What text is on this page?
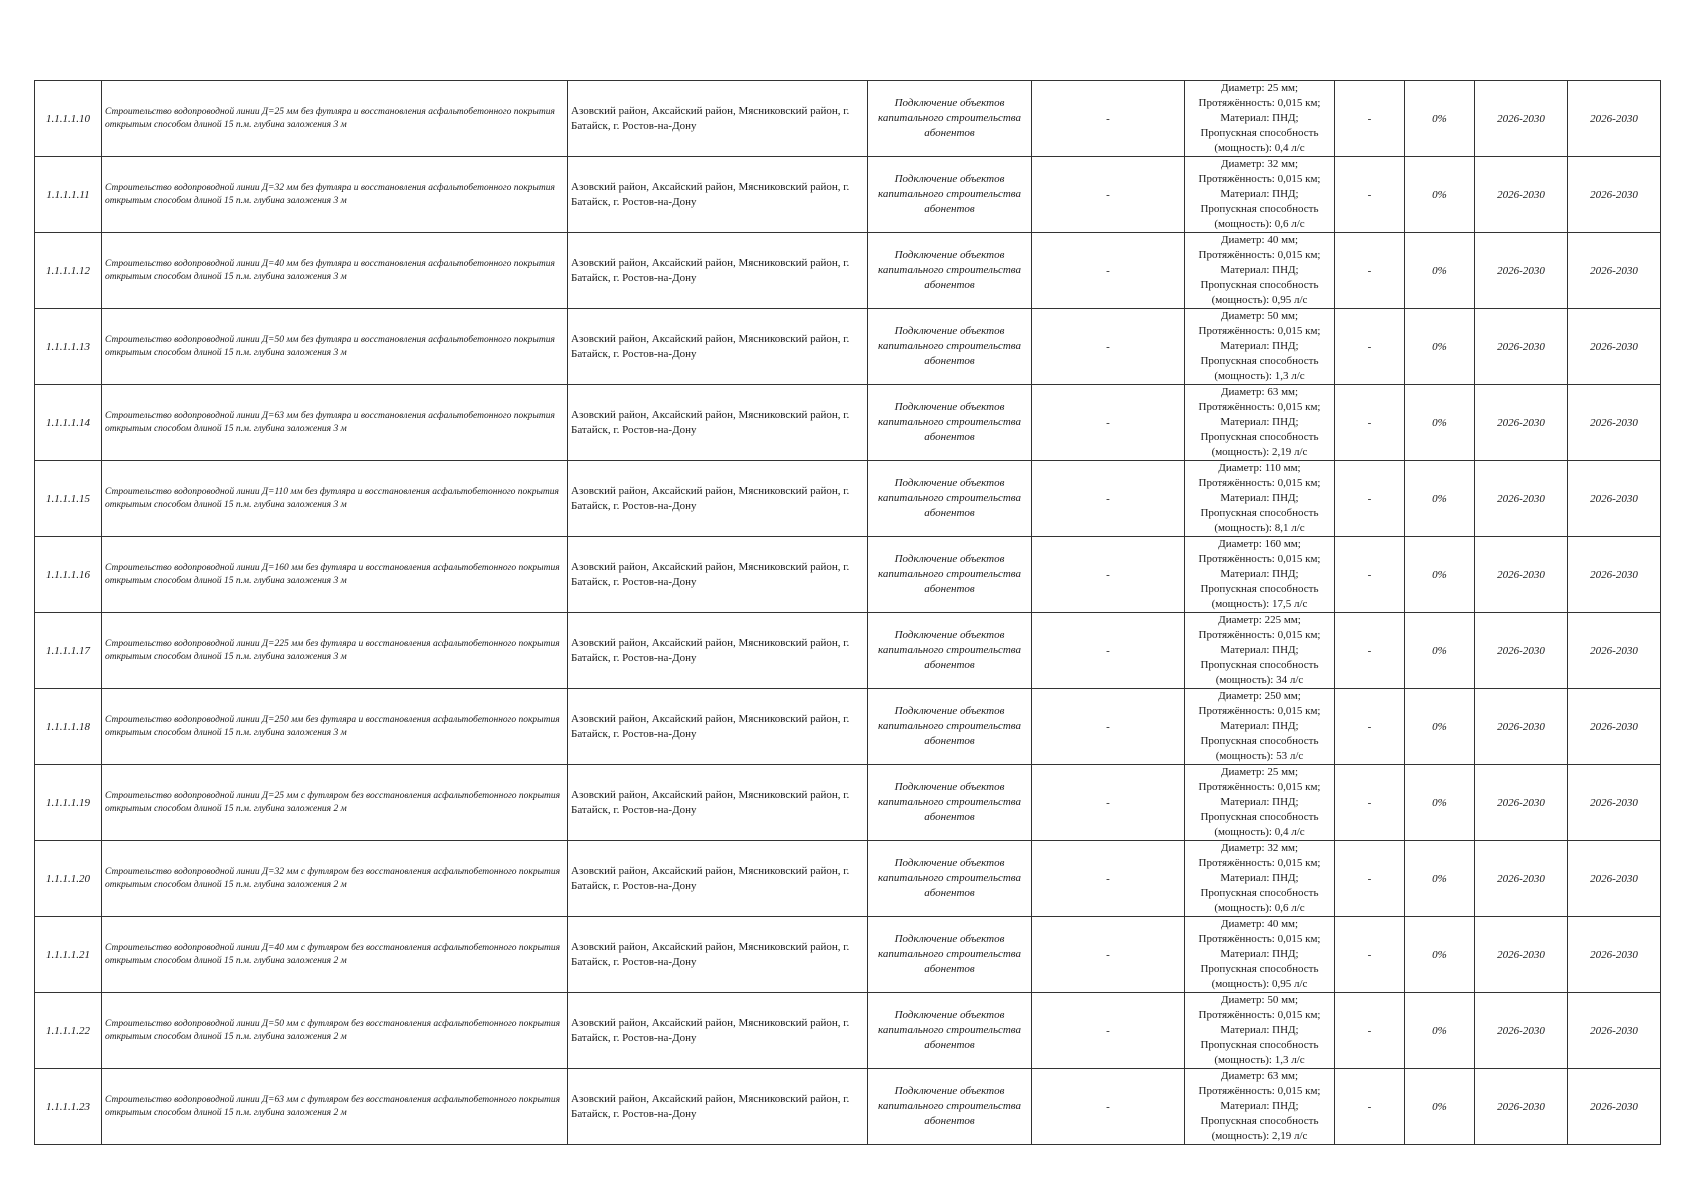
1.1.1.1.10	Строительство водопроводной линии Д=25 мм без футляра и восстановления асфальтобетонного покрытия открытым способом длиной 15 п.м. глубина заложения 3 м	Азовский район, Аксайский район, Мясниковский район, г. Батайск, г. Ростов-на-Дону	Подключение объектов
капитального строительства
абонентов	-	Диаметр: 25 мм;
Протяжённость: 0,015 км;
Материал: ПНД;
Пропускная способность
(мощность): 0,4 л/с	-	0%	2026-2030	2026-2030
1.1.1.1.11	Строительство водопроводной линии Д=32 мм без футляра и восстановления асфальтобетонного покрытия открытым способом длиной 15 п.м. глубина заложения 3 м	Азовский район, Аксайский район, Мясниковский район, г. Батайск, г. Ростов-на-Дону	Подключение объектов
капитального строительства
абонентов	-	Диаметр: 32 мм;
Протяжённость: 0,015 км;
Материал: ПНД;
Пропускная способность
(мощность): 0,6 л/с	-	0%	2026-2030	2026-2030
1.1.1.1.12	Строительство водопроводной линии Д=40 мм без футляра и восстановления асфальтобетонного покрытия открытым способом длиной 15 п.м. глубина заложения 3 м	Азовский район, Аксайский район, Мясниковский район, г. Батайск, г. Ростов-на-Дону	Подключение объектов
капитального строительства
абонентов	-	Диаметр: 40 мм;
Протяжённость: 0,015 км;
Материал: ПНД;
Пропускная способность
(мощность): 0,95 л/с	-	0%	2026-2030	2026-2030
1.1.1.1.13	Строительство водопроводной линии Д=50 мм без футляра и восстановления асфальтобетонного покрытия открытым способом длиной 15 п.м. глубина заложения 3 м	Азовский район, Аксайский район, Мясниковский район, г. Батайск, г. Ростов-на-Дону	Подключение объектов
капитального строительства
абонентов	-	Диаметр: 50 мм;
Протяжённость: 0,015 км;
Материал: ПНД;
Пропускная способность
(мощность): 1,3 л/с	-	0%	2026-2030	2026-2030
1.1.1.1.14	Строительство водопроводной линии Д=63 мм без футляра и восстановления асфальтобетонного покрытия открытым способом длиной 15 п.м. глубина заложения 3 м	Азовский район, Аксайский район, Мясниковский район, г. Батайск, г. Ростов-на-Дону	Подключение объектов
капитального строительства
абонентов	-	Диаметр: 63 мм;
Протяжённость: 0,015 км;
Материал: ПНД;
Пропускная способность
(мощность): 2,19 л/с	-	0%	2026-2030	2026-2030
1.1.1.1.15	Строительство водопроводной линии Д=110 мм без футляра и восстановления асфальтобетонного покрытия открытым способом длиной 15 п.м. глубина заложения 3 м	Азовский район, Аксайский район, Мясниковский район, г. Батайск, г. Ростов-на-Дону	Подключение объектов
капитального строительства
абонентов	-	Диаметр: 110 мм;
Протяжённость: 0,015 км;
Материал: ПНД;
Пропускная способность
(мощность): 8,1 л/с	-	0%	2026-2030	2026-2030
1.1.1.1.16	Строительство водопроводной линии Д=160 мм без футляра и восстановления асфальтобетонного покрытия открытым способом длиной 15 п.м. глубина заложения 3 м	Азовский район, Аксайский район, Мясниковский район, г. Батайск, г. Ростов-на-Дону	Подключение объектов
капитального строительства
абонентов	-	Диаметр: 160 мм;
Протяжённость: 0,015 км;
Материал: ПНД;
Пропускная способность
(мощность): 17,5 л/с	-	0%	2026-2030	2026-2030
1.1.1.1.17	Строительство водопроводной линии Д=225 мм без футляра и восстановления асфальтобетонного покрытия открытым способом длиной 15 п.м. глубина заложения 3 м	Азовский район, Аксайский район, Мясниковский район, г. Батайск, г. Ростов-на-Дону	Подключение объектов
капитального строительства
абонентов	-	Диаметр: 225 мм;
Протяжённость: 0,015 км;
Материал: ПНД;
Пропускная способность
(мощность): 34 л/с	-	0%	2026-2030	2026-2030
1.1.1.1.18	Строительство водопроводной линии Д=250 мм без футляра и восстановления асфальтобетонного покрытия открытым способом длиной 15 п.м. глубина заложения 3 м	Азовский район, Аксайский район, Мясниковский район, г. Батайск, г. Ростов-на-Дону	Подключение объектов
капитального строительства
абонентов	-	Диаметр: 250 мм;
Протяжённость: 0,015 км;
Материал: ПНД;
Пропускная способность
(мощность): 53 л/с	-	0%	2026-2030	2026-2030
1.1.1.1.19	Строительство водопроводной линии Д=25 мм с футляром без восстановления асфальтобетонного покрытия открытым способом длиной 15 п.м. глубина заложения 2 м	Азовский район, Аксайский район, Мясниковский район, г. Батайск, г. Ростов-на-Дону	Подключение объектов
капитального строительства
абонентов	-	Диаметр: 25 мм;
Протяжённость: 0,015 км;
Материал: ПНД;
Пропускная способность
(мощность): 0,4 л/с	-	0%	2026-2030	2026-2030
1.1.1.1.20	Строительство водопроводной линии Д=32 мм с футляром без восстановления асфальтобетонного покрытия открытым способом длиной 15 п.м. глубина заложения 2 м	Азовский район, Аксайский район, Мясниковский район, г. Батайск, г. Ростов-на-Дону	Подключение объектов
капитального строительства
абонентов	-	Диаметр: 32 мм;
Протяжённость: 0,015 км;
Материал: ПНД;
Пропускная способность
(мощность): 0,6 л/с	-	0%	2026-2030	2026-2030
1.1.1.1.21	Строительство водопроводной линии Д=40 мм с футляром без восстановления асфальтобетонного покрытия открытым способом длиной 15 п.м. глубина заложения 2 м	Азовский район, Аксайский район, Мясниковский район, г. Батайск, г. Ростов-на-Дону	Подключение объектов
капитального строительства
абонентов	-	Диаметр: 40 мм;
Протяжённость: 0,015 км;
Материал: ПНД;
Пропускная способность
(мощность): 0,95 л/с	-	0%	2026-2030	2026-2030
1.1.1.1.22	Строительство водопроводной линии Д=50 мм с футляром без восстановления асфальтобетонного покрытия открытым способом длиной 15 п.м. глубина заложения 2 м	Азовский район, Аксайский район, Мясниковский район, г. Батайск, г. Ростов-на-Дону	Подключение объектов
капитального строительства
абонентов	-	Диаметр: 50 мм;
Протяжённость: 0,015 км;
Материал: ПНД;
Пропускная способность
(мощность): 1,3 л/с	-	0%	2026-2030	2026-2030
1.1.1.1.23	Строительство водопроводной линии Д=63 мм с футляром без восстановления асфальтобетонного покрытия открытым способом длиной 15 п.м. глубина заложения 2 м	Азовский район, Аксайский район, Мясниковский район, г. Батайск, г. Ростов-на-Дону	Подключение объектов
капитального строительства
абонентов	-	Диаметр: 63 мм;
Протяжённость: 0,015 км;
Материал: ПНД;
Пропускная способность
(мощность): 2,19 л/с	-	0%	2026-2030	2026-2030
